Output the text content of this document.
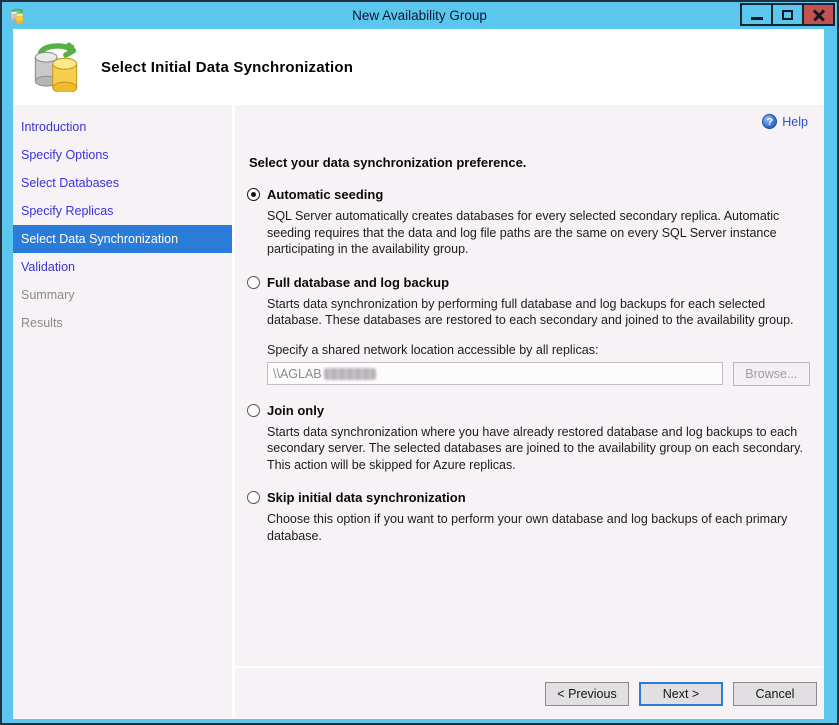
New Availability Group
Select Initial Data Synchronization
Introduction
Specify Options
Select Databases
Specify Replicas
Select Data Synchronization
Validation
Summary
Results
? Help
Select your data synchronization preference.
Automatic seeding

SQL Server automatically creates databases for every selected secondary replica. Automatic seeding requires that the data and log file paths are the same on every SQL Server instance participating in the availability group.

Full database and log backup

Starts data synchronization by performing full database and log backups for each selected database. These databases are restored to each secondary and joined to the availability group.

Specify a shared network location accessible by all replicas:
\\AGLAB	Browse...
Join only

Starts data synchronization where you have already restored database and log backups to each secondary server. The selected databases are joined to the availability group on each secondary. This action will be skipped for Azure replicas.

Skip initial data synchronization

Choose this option if you want to perform your own database and log backups of each primary database.

< Previous	Next >	Cancel
